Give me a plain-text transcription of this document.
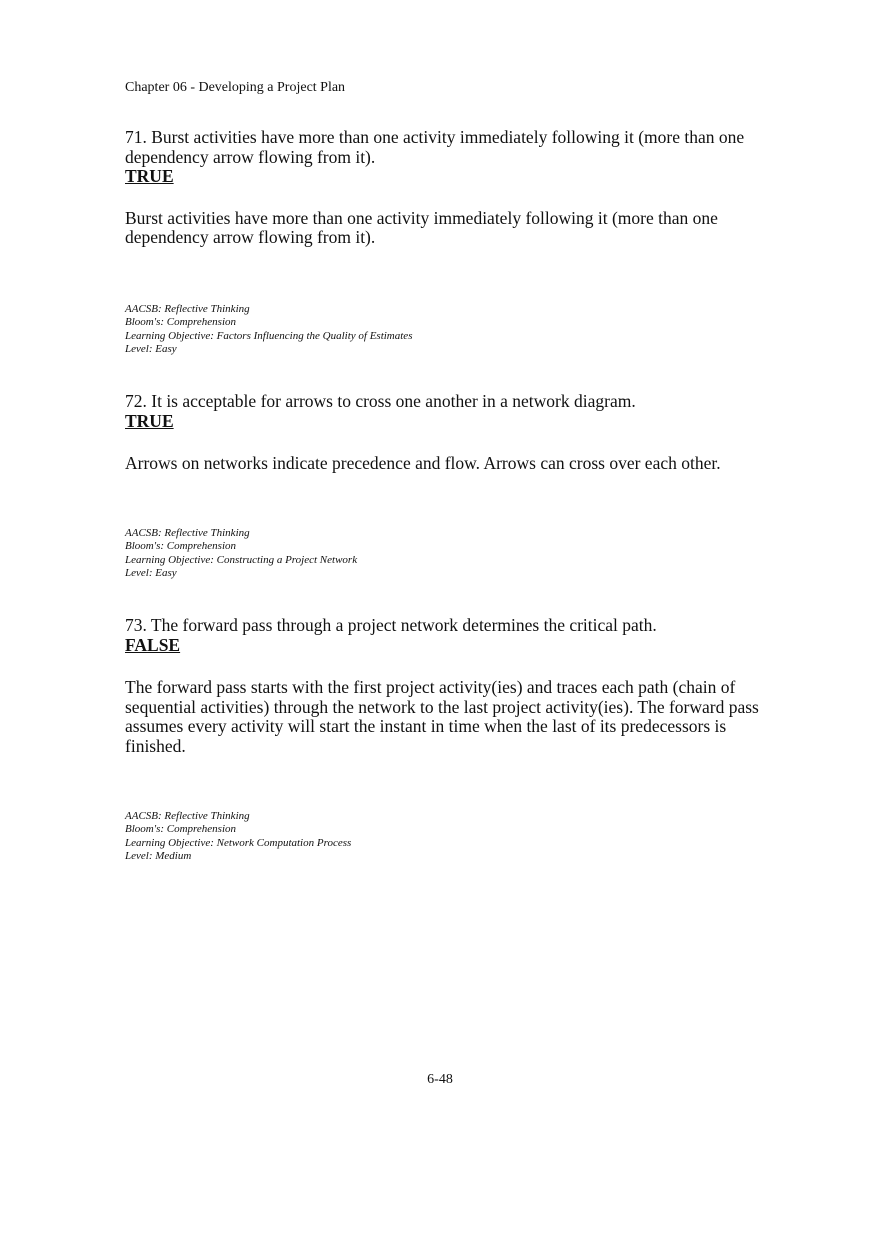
Chapter 06 - Developing a Project Plan

71. Burst activities have more than one activity immediately following it (more than one dependency arrow flowing from it).

TRUE

Burst activities have more than one activity immediately following it (more than one dependency arrow flowing from it).

AACSB: Reflective Thinking
Bloom's: Comprehension
Learning Objective: Factors Influencing the Quality of Estimates
Level: Easy

72. It is acceptable for arrows to cross one another in a network diagram.

TRUE

Arrows on networks indicate precedence and flow. Arrows can cross over each other.

AACSB: Reflective Thinking
Bloom's: Comprehension
Learning Objective: Constructing a Project Network
Level: Easy

73. The forward pass through a project network determines the critical path.

FALSE

The forward pass starts with the first project activity(ies) and traces each path (chain of sequential activities) through the network to the last project activity(ies). The forward pass assumes every activity will start the instant in time when the last of its predecessors is finished.

AACSB: Reflective Thinking
Bloom's: Comprehension
Learning Objective: Network Computation Process
Level: Medium
6-48
